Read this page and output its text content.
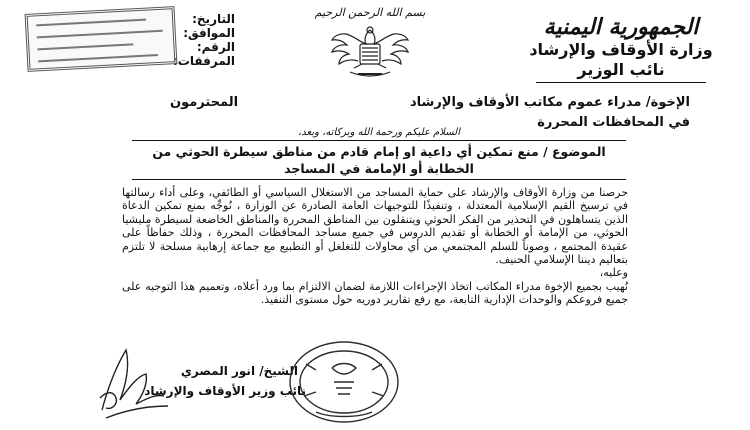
الجمهورية اليمنية
وزارة الأوقاف والإرشاد
نائب الوزير
بسم الله الرحمن الرحيم
التاريخ:
الموافق:
الرقم:
المرفقات:
الإخوة/ مدراء عموم مكاتب الأوقاف والإرشاد
المحترمون
في المحافظات المحررة
السلام عليكم ورحمة الله وبركاته، وبعد،
الموضوع / منع تمكين أي داعية او إمام قادم من مناطق سيطرة الحوثي من
الخطابة أو الإمامة في المساجد

حرصنا من وزارة الأوقاف والإرشاد على حماية المساجد من الاستغلال السياسي أو الطائفي، وعلى أداء رسالتها في ترسيخ القيم الإسلامية المعتدلة ، وتنفيذًا للتوجيهات العامة الصادرة عن الوزارة ، نُوجِّه بمنع تمكين الدعاة الذين يتساهلون في التحذير من الفكر الحوثي ويتنقلون بين المناطق المحررة والمناطق الخاضعة لسيطرة مليشيا الحوثي، من الإمامة أو الخطابة أو تقديم الدروس في جميع مساجد المحافظات المحررة ، وذلك حفاظاً على عقيدة المجتمع ، وصوناً للسلم المجتمعي من أي محاولات للتغلغل أو التطبيع مع جماعة إرهابية مسلحة لا تلتزم بتعاليم ديننا الإسلامي الحنيف.

وعليه،

نُهيب بجميع الإخوة مدراء المكاتب اتخاذ الإجراءات اللازمة لضمان الالتزام بما ورد أعلاه، وتعميم هذا التوجيه على جميع فروعكم والوحدات الإدارية التابعة، مع رفع تقارير دوريه حول مستوى التنفيذ.

الشيخ/ انور المصري
نائب وزير الأوقاف والإرشاد
